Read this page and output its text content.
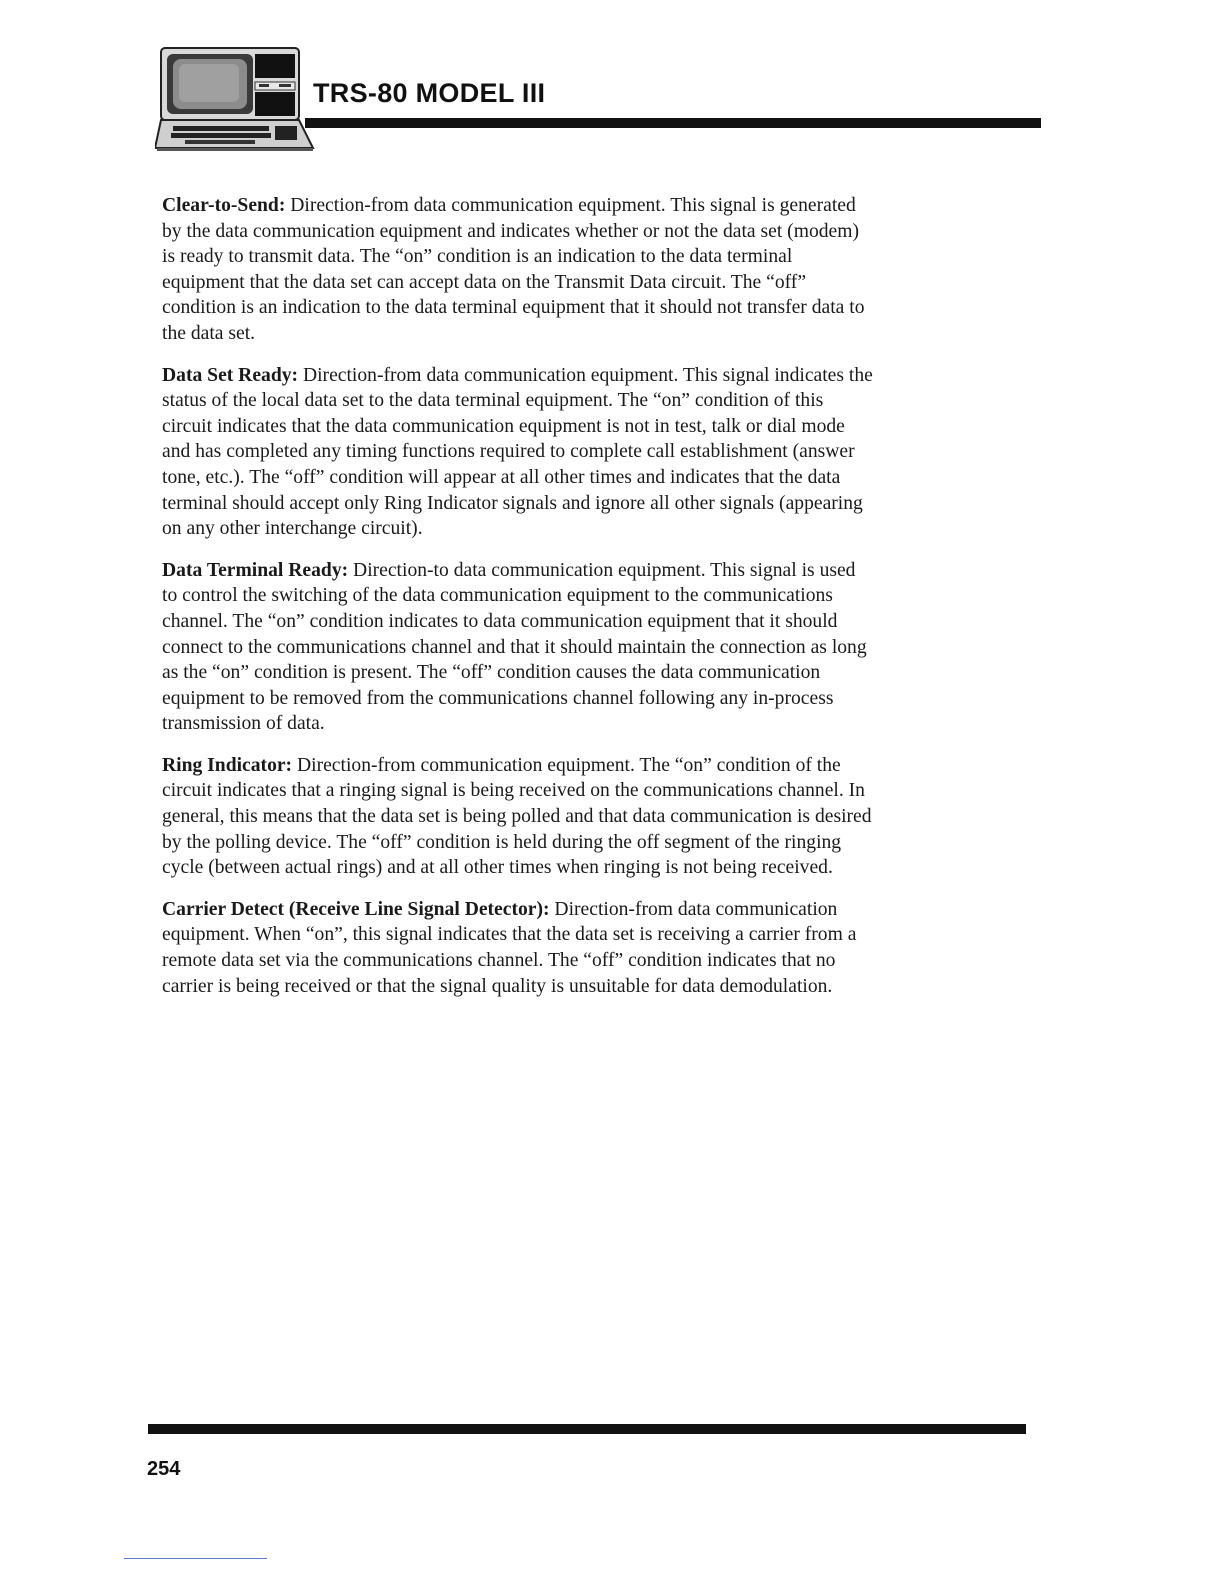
TRS-80 MODEL III

Clear-to-Send: Direction-from data communication equipment. This signal is generated by the data communication equipment and indicates whether or not the data set (modem) is ready to transmit data. The “on” condition is an indication to the data terminal equipment that the data set can accept data on the Transmit Data circuit. The “off” condition is an indication to the data terminal equipment that it should not transfer data to the data set.

Data Set Ready: Direction-from data communication equipment. This signal indicates the status of the local data set to the data terminal equipment. The “on” condition of this circuit indicates that the data communication equipment is not in test, talk or dial mode and has completed any timing functions required to complete call establishment (answer tone, etc.). The “off” condition will appear at all other times and indicates that the data terminal should accept only Ring Indicator signals and ignore all other signals (appearing on any other interchange circuit).

Data Terminal Ready: Direction-to data communication equipment. This signal is used to control the switching of the data communication equipment to the communications channel. The “on” condition indicates to data communication equipment that it should connect to the communications channel and that it should maintain the connection as long as the “on” condition is present. The “off” condition causes the data communication equipment to be removed from the communications channel following any in-process transmission of data.

Ring Indicator: Direction-from communication equipment. The “on” condition of the circuit indicates that a ringing signal is being received on the communications channel. In general, this means that the data set is being polled and that data communication is desired by the polling device. The “off” condition is held during the off segment of the ringing cycle (between actual rings) and at all other times when ringing is not being received.

Carrier Detect (Receive Line Signal Detector): Direction-from data communication equipment. When “on”, this signal indicates that the data set is receiving a carrier from a remote data set via the communications channel. The “off” condition indicates that no carrier is being received or that the signal quality is unsuitable for data demodulation.

254
